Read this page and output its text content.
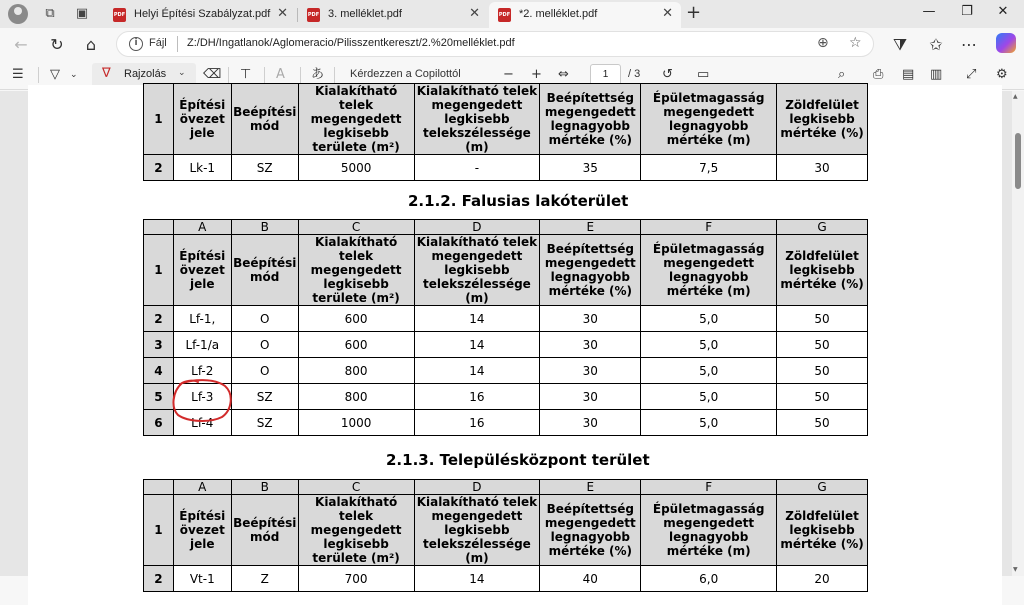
⧉	▣	PDF Helyi Építési Szabályzat.pdf ✕	PDF 3. melléklet.pdf	✕	PDF *2. melléklet.pdf	✕ +	—	❐	✕
← ↻	⌂	i	Fájl Z:/DH/Ingatlanok/Aglomeracio/Pilisszentkereszt/2.%20melléklet.pdf	⊕ ☆ ⧩ ✩ ⋯
☰ ▽ ⌄ ∇ Rajzolás ⌄ ⌫ ⊤ A あ Kérdezzen a Copilottól	− + ⇔	1	/ 3 ↺ ▭	⌕ ⎙ ▤ ▥ ⤢ ⚙
1	Építési övezet jele	Beépítési mód	Kialakítható telek megengedett legkisebb területe (m²)	Kialakítható telek megengedett legkisebb telekszélessége (m)	Beépítettség megengedett legnagyobb mértéke (%)	Épületmagasság megengedett legnagyobb mértéke (m)	Zöldfelület legkisebb mértéke (%)
2	Lk-1	SZ	5000	-	35	7,5	30
2.1.2. Falusias lakóterület
	A	B	C	D	E	F	G
1	Építési övezet jele	Beépítési mód	Kialakítható telek megengedett legkisebb területe (m²)	Kialakítható telek megengedett legkisebb telekszélessége (m)	Beépítettség megengedett legnagyobb mértéke (%)	Épületmagasság megengedett legnagyobb mértéke (m)	Zöldfelület legkisebb mértéke (%)
2	Lf-1,	O	600	14	30	5,0	50
3	Lf-1/a	O	600	14	30	5,0	50
4	Lf-2	O	800	14	30	5,0	50
5	Lf-3	SZ	800	16	30	5,0	50
6	Lf-4	SZ	1000	16	30	5,0	50
2.1.3. Településközpont terület
	A	B	C	D	E	F	G
1	Építési övezet jele	Beépítési mód	Kialakítható telek megengedett legkisebb területe (m²)	Kialakítható telek megengedett legkisebb telekszélessége (m)	Beépítettség megengedett legnagyobb mértéke (%)	Épületmagasság megengedett legnagyobb mértéke (m)	Zöldfelület legkisebb mértéke (%)
2	Vt-1	Z	700	14	40	6,0	20
▲
▼
